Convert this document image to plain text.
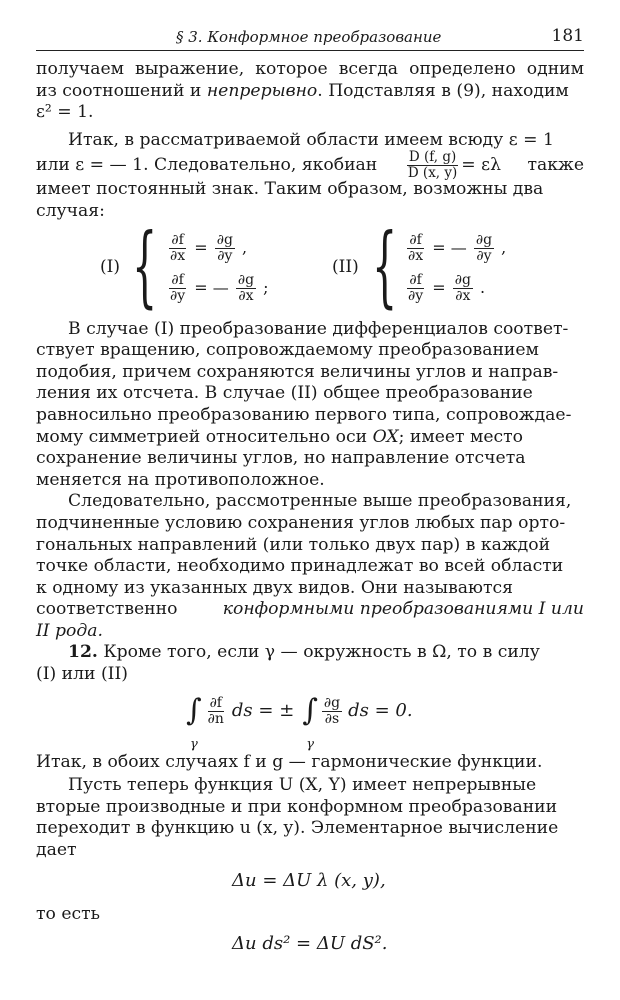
§ 3. Конформное преобразование	181
получаем выражение, которое всегда определено одним
из соотношений и непрерывно. Подставляя в (9), находим
ε² = 1.
Итак, в рассматриваемой области имеем всюду ε = 1
или ε = — 1. Следовательно, якобиан $\frac{D (f, g)}{D (x, y)} = \varepsilon\lambda$ также
имеет постоянный знак. Таким образом, возможны два
случая:
(I) { $\frac{\partial f}{\partial x} = \frac{\partial g}{\partial y}$ ,
$\frac{\partial f}{\partial y}$ = — $\frac{\partial g}{\partial x}$ ;
(II) { $\frac{\partial f}{\partial x}$ = — $\frac{\partial g}{\partial y}$ ,
$\frac{\partial f}{\partial y} = \frac{\partial g}{\partial x}$ .
В случае (I) преобразование дифференциалов соответ-
ствует вращению, сопровождаемому преобразованием
подобия, причем сохраняются величины углов и направ-
ления их отсчета. В случае (II) общее преобразование
равносильно преобразованию первого типа, сопровождае-
мому симметрией относительно оси OX; имеет место
сохранение величины углов, но направление отсчета
меняется на противоположное.
Следовательно, рассмотренные выше преобразования,
подчиненные условию сохранения углов любых пар орто-
гональных направлений (или только двух пар) в каждой
точке области, необходимо принадлежат во всей области
к одному из указанных двух видов. Они называются
соответственно	конформными преобразованиями I или
II рода.
12. Кроме того, если γ — окружность в Ω, то в силу
(I) или (II)
∫
γ
$\frac{\partial f}{\partial n}$ ds = ± ∫
γ
$\frac{\partial g}{\partial s}$ ds = 0.
Итак, в обоих случаях f и g — гармонические функции.
Пусть теперь функция U (X, Y) имеет непрерывные
вторые производные и при конформном преобразовании
переходит в функцию u (x, y). Элементарное вычисление
дает
Δu = ΔU λ (x, y),
то есть
Δu ds² = ΔU dS².
